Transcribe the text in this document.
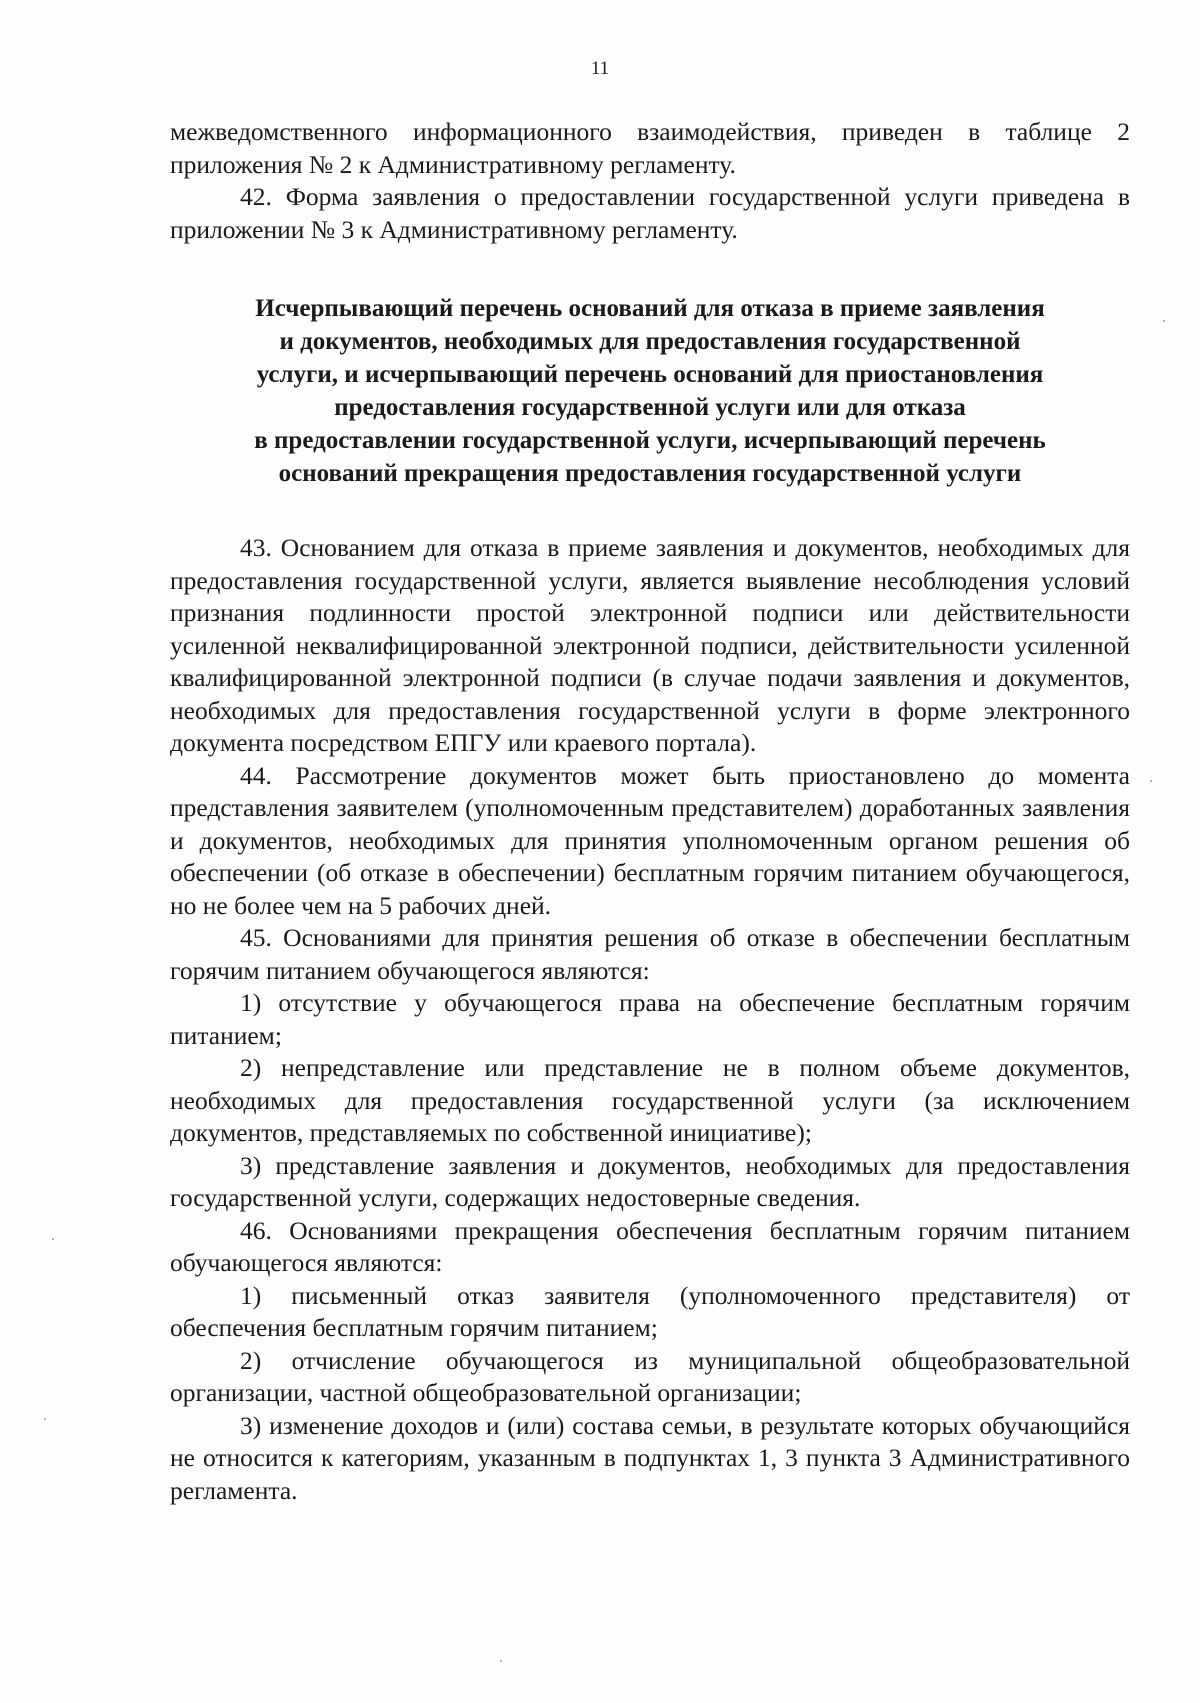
11

межведомственного информационного взаимодействия, приведен в таблице 2 приложения № 2 к Административному регламенту.

42. Форма заявления о предоставлении государственной услуги приведена в приложении № 3 к Административному регламенту.

Исчерпывающий перечень оснований для отказа в приеме заявления
и документов, необходимых для предоставления государственной
услуги, и исчерпывающий перечень оснований для приостановления
предоставления государственной услуги или для отказа
в предоставлении государственной услуги, исчерпывающий перечень
оснований прекращения предоставления государственной услуги

43. Основанием для отказа в приеме заявления и документов, необходимых для предоставления государственной услуги, является выявление несоблюдения условий признания подлинности простой электронной подписи или действительности усиленной неквалифицированной электронной подписи, действительности усиленной квалифицированной электронной подписи (в случае подачи заявления и документов, необходимых для предоставления государственной услуги в форме электронного документа посредством ЕПГУ или краевого портала).

44. Рассмотрение документов может быть приостановлено до момента представления заявителем (уполномоченным представителем) доработанных заявления и документов, необходимых для принятия уполномоченным органом решения об обеспечении (об отказе в обеспечении) бесплатным горячим питанием обучающегося, но не более чем на 5 рабочих дней.

45. Основаниями для принятия решения об отказе в обеспечении бесплатным горячим питанием обучающегося являются:

1) отсутствие у обучающегося права на обеспечение бесплатным горячим питанием;

2) непредставление или представление не в полном объеме документов, необходимых для предоставления государственной услуги (за исключением документов, представляемых по собственной инициативе);

3) представление заявления и документов, необходимых для предоставления государственной услуги, содержащих недостоверные сведения.

46. Основаниями прекращения обеспечения бесплатным горячим питанием обучающегося являются:

1) письменный отказ заявителя (уполномоченного представителя) от обеспечения бесплатным горячим питанием;

2) отчисление обучающегося из муниципальной общеобразовательной организации, частной общеобразовательной организации;

3) изменение доходов и (или) состава семьи, в результате которых обучающийся не относится к категориям, указанным в подпунктах 1, 3 пункта 3 Административного регламента.
